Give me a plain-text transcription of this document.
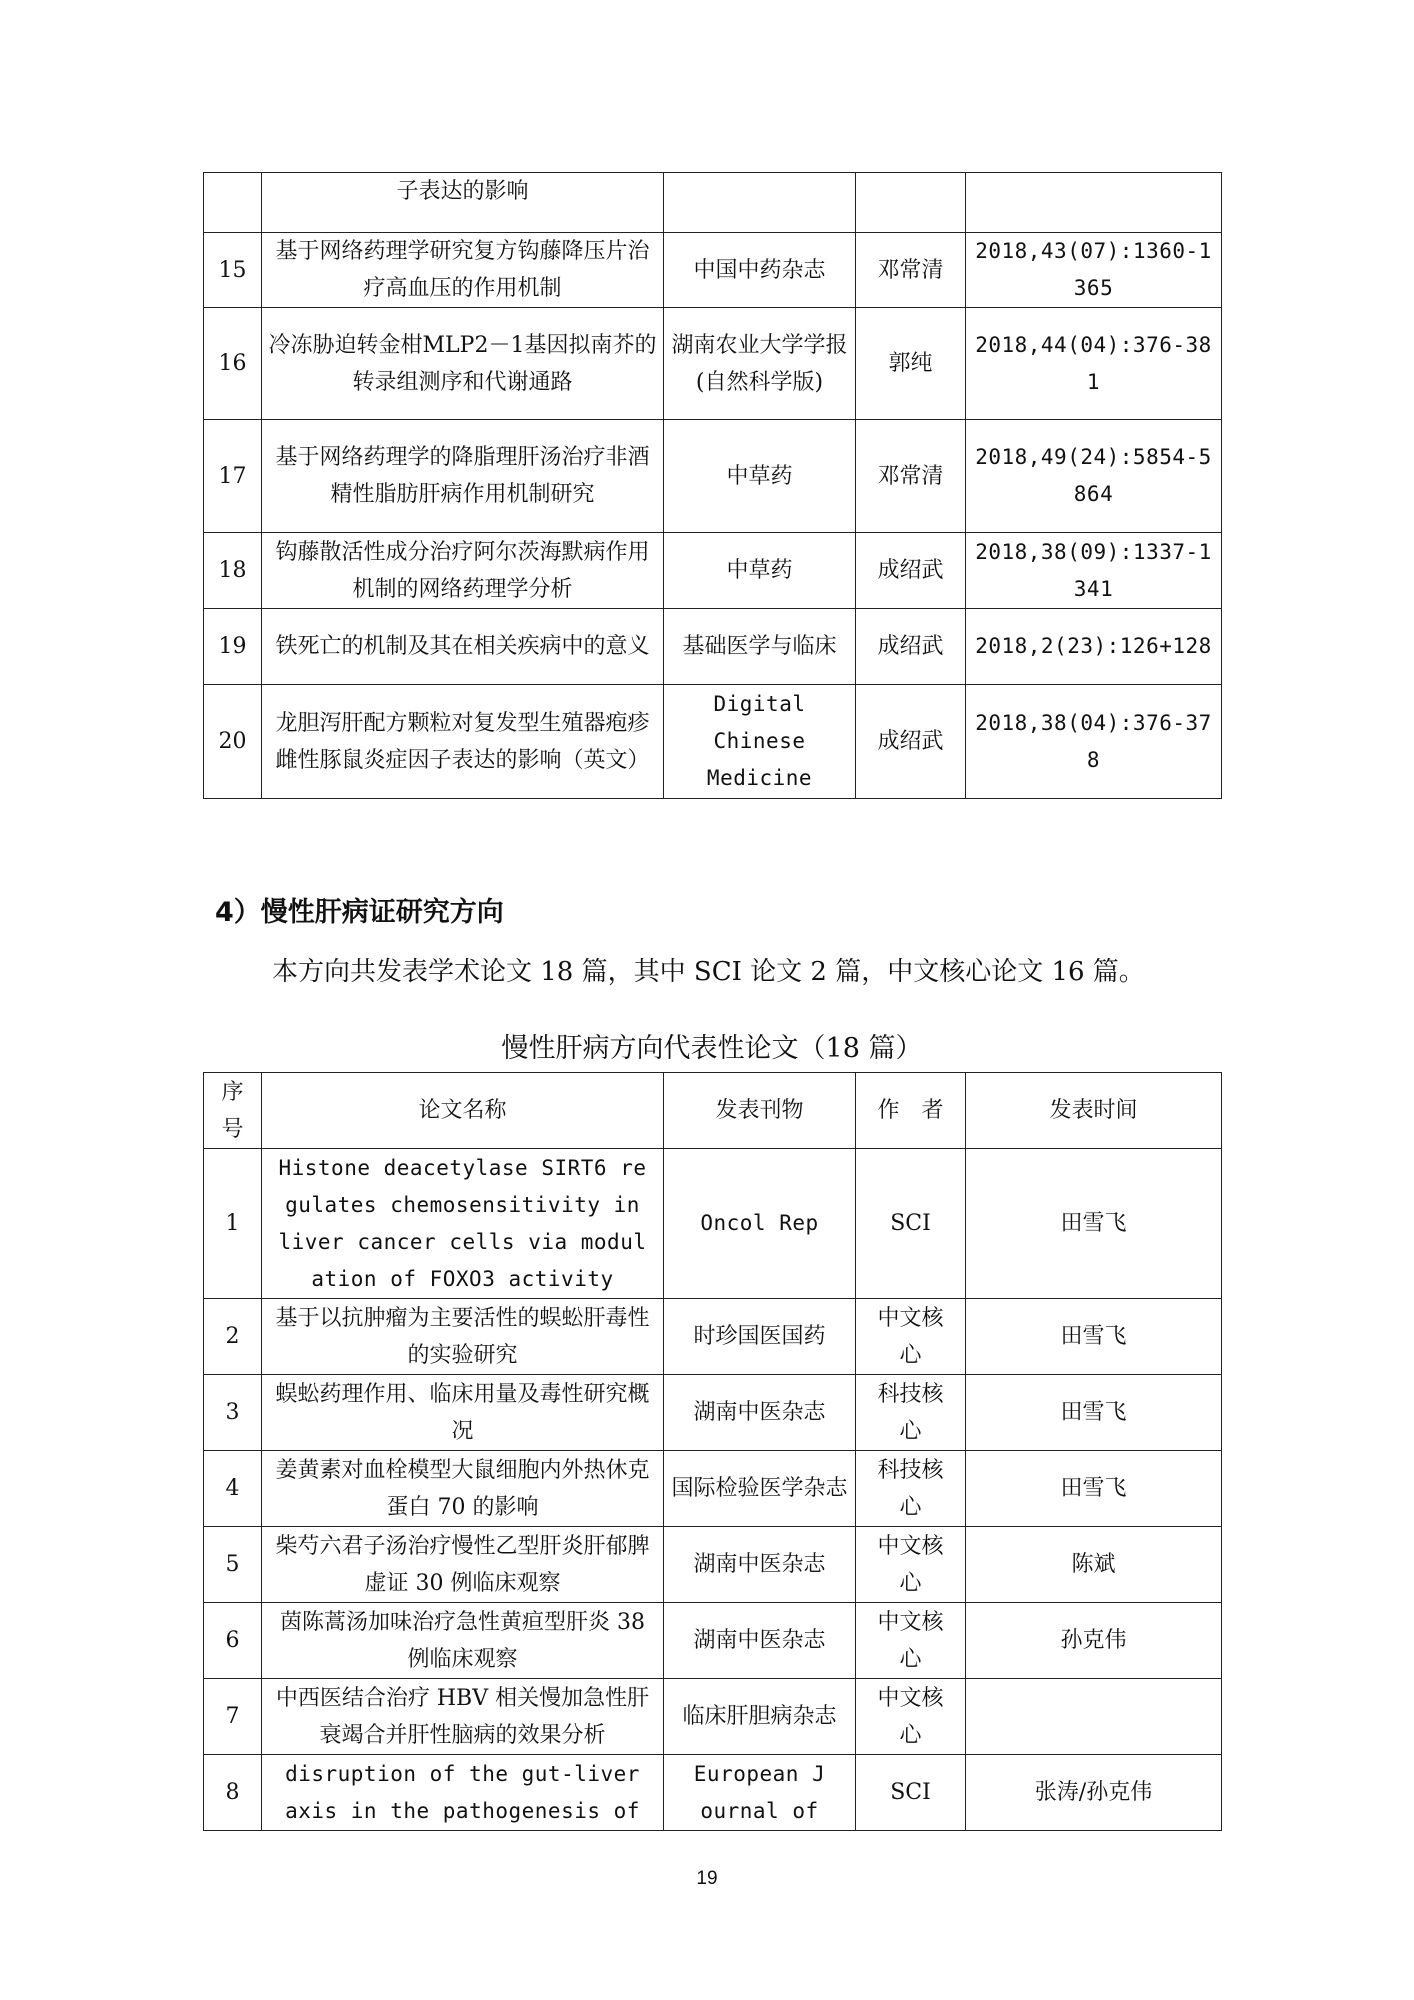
	子表达的影响			
15	基于网络药理学研究复方钩藤降压片治疗高血压的作用机制	中国中药杂志	邓常清	2018,43(07):1360-1365
16	冷冻胁迫转金柑MLP2－1基因拟南芥的转录组测序和代谢通路	湖南农业大学学报(自然科学版)	郭纯	2018,44(04):376-381
17	基于网络药理学的降脂理肝汤治疗非酒精性脂肪肝病作用机制研究	中草药	邓常清	2018,49(24):5854-5864
18	钩藤散活性成分治疗阿尔茨海默病作用机制的网络药理学分析	中草药	成绍武	2018,38(09):1337-1341
19	铁死亡的机制及其在相关疾病中的意义	基础医学与临床	成绍武	2018,2(23):126+128
20	龙胆泻肝配方颗粒对复发型生殖器疱疹雌性豚鼠炎症因子表达的影响（英文）	Digital Chinese Medicine	成绍武	2018,38(04):376-378
4）慢性肝病证研究方向
本方向共发表学术论文 18 篇，其中 SCI 论文 2 篇，中文核心论文 16 篇。
慢性肝病方向代表性论文（18 篇）
序号	论文名称	发表刊物	作　者	发表时间
1	Histone deacetylase SIRT6 regulates chemosensitivity in liver cancer cells via modulation of FOXO3 activity	Oncol Rep	SCI	田雪飞
2	基于以抗肿瘤为主要活性的蜈蚣肝毒性的实验研究	时珍国医国药	中文核心	田雪飞
3	蜈蚣药理作用、临床用量及毒性研究概况	湖南中医杂志	科技核心	田雪飞
4	姜黄素对血栓模型大鼠细胞内外热休克蛋白 70 的影响	国际检验医学杂志	科技核心	田雪飞
5	柴芍六君子汤治疗慢性乙型肝炎肝郁脾虚证 30 例临床观察	湖南中医杂志	中文核心	陈斌
6	茵陈蒿汤加味治疗急性黄疸型肝炎 38 例临床观察	湖南中医杂志	中文核心	孙克伟
7	中西医结合治疗 HBV 相关慢加急性肝衰竭合并肝性脑病的效果分析	临床肝胆病杂志	中文核心	
8	disruption of the gut-liver axis in the pathogenesis of	European Journal of	SCI	张涛/孙克伟
19
